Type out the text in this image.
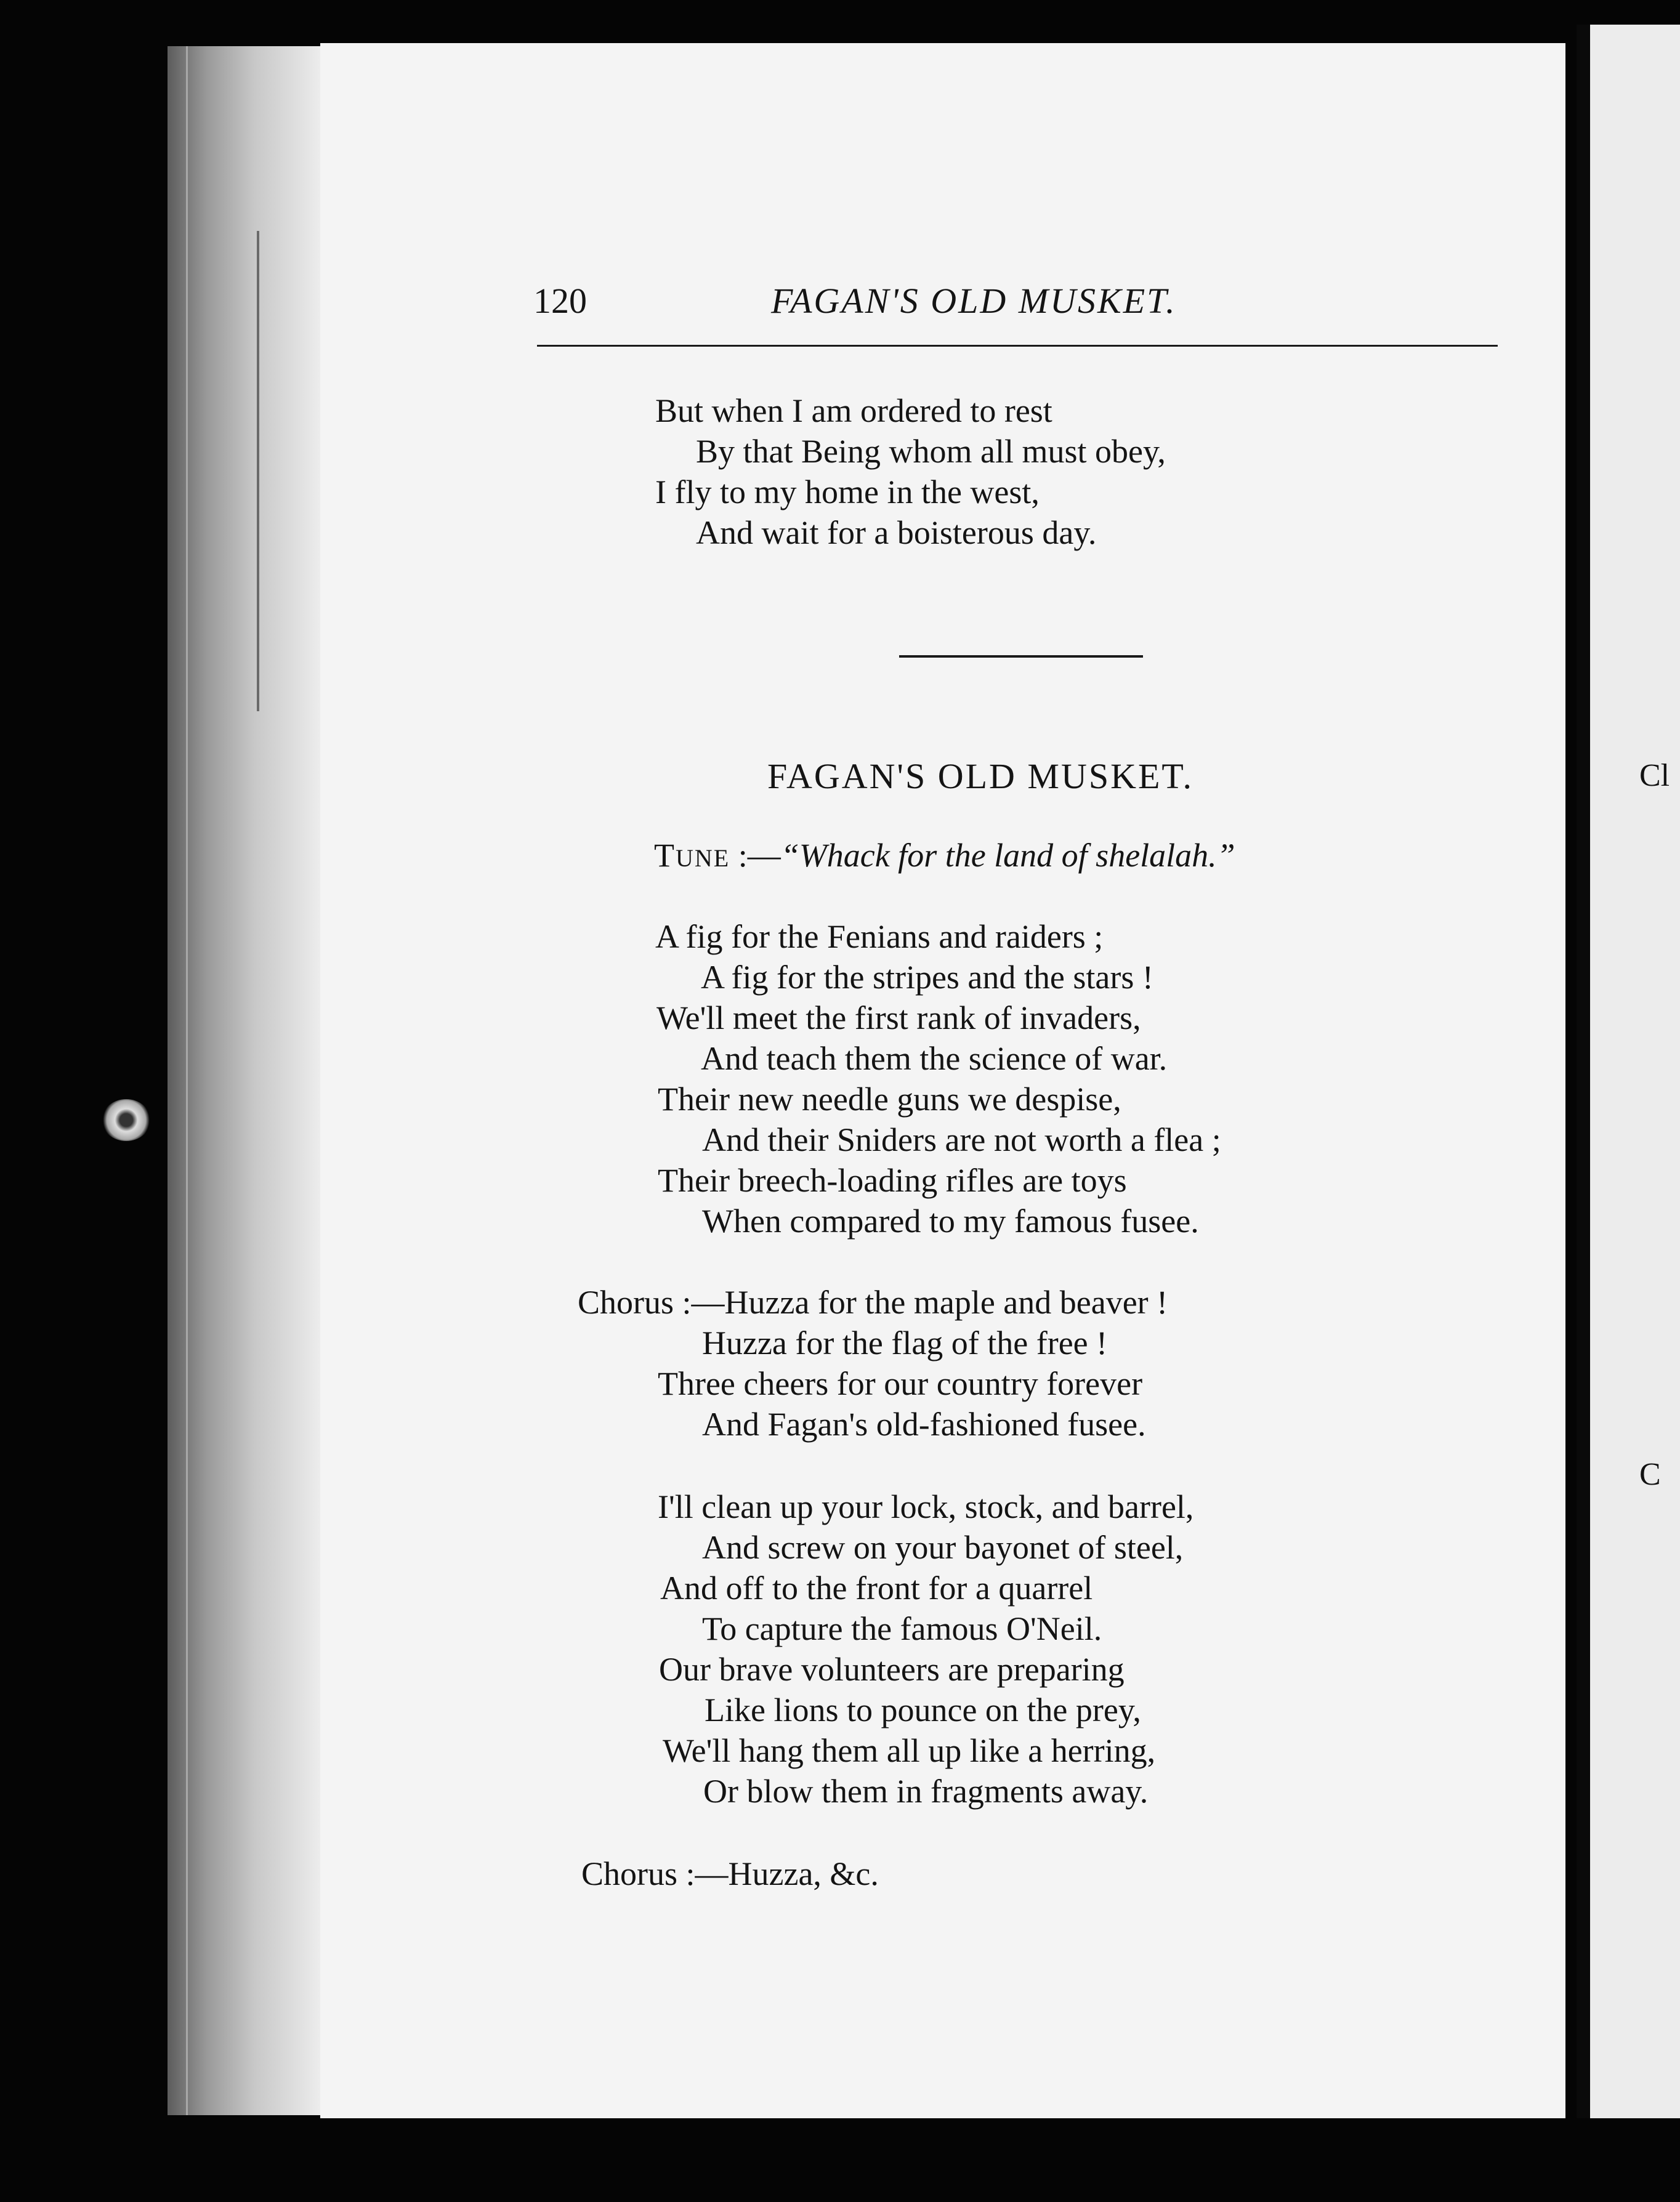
Cl
C
120	FAGAN'S OLD MUSKET.
But when I am ordered to rest
By that Being whom all must obey,
I fly to my home in the west,
And wait for a boisterous day.
FAGAN'S OLD MUSKET.
TUNE :—“Whack for the land of shelalah.”
A fig for the Fenians and raiders ;
A fig for the stripes and the stars !
We'll meet the first rank of invaders,
And teach them the science of war.
Their new needle guns we despise,
And their Sniders are not worth a flea ;
Their breech-loading rifles are toys
When compared to my famous fusee.
Chorus :—Huzza for the maple and beaver !
Huzza for the flag of the free !
Three cheers for our country forever
And Fagan's old-fashioned fusee.
I'll clean up your lock, stock, and barrel,
And screw on your bayonet of steel,
And off to the front for a quarrel
To capture the famous O'Neil.
Our brave volunteers are preparing
Like lions to pounce on the prey,
We'll hang them all up like a herring,
Or blow them in fragments away.
Chorus :—Huzza, &c.
